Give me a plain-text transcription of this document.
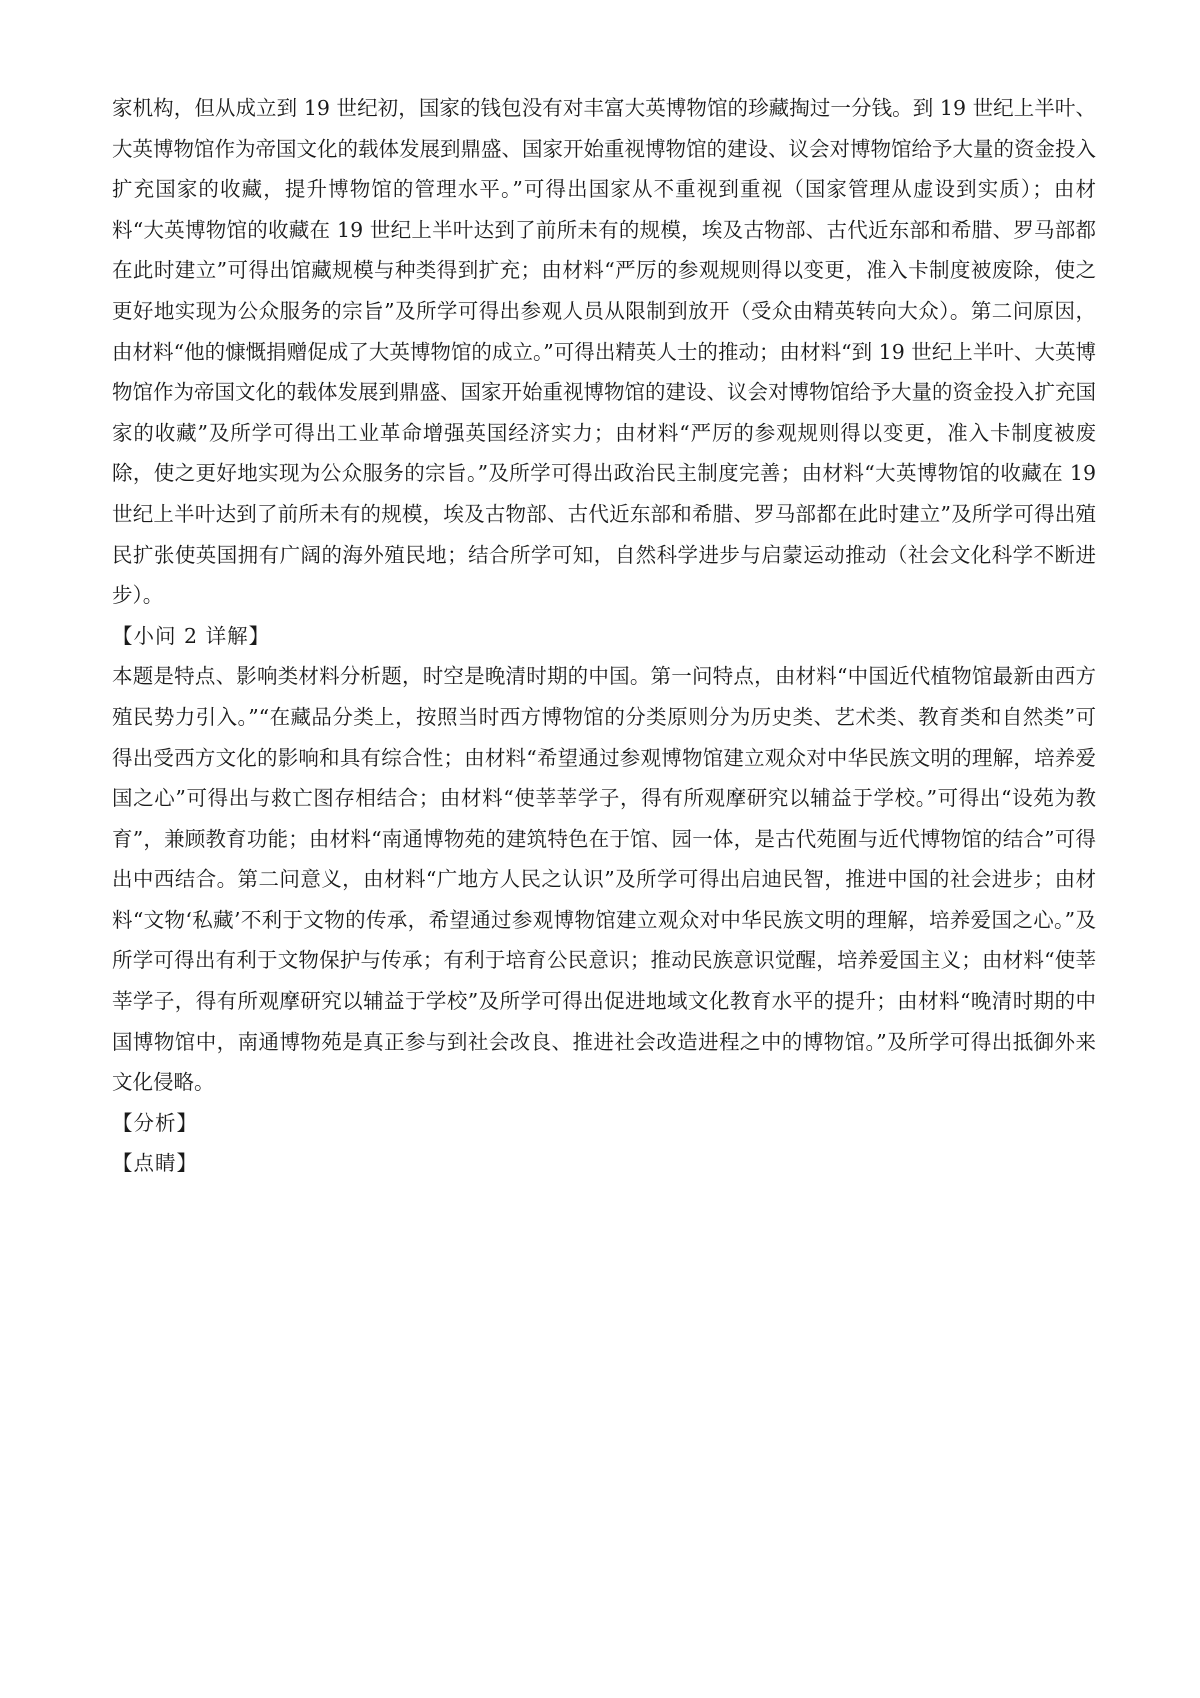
家机构，但从成立到 19 世纪初，国家的钱包没有对丰富大英博物馆的珍藏掏过一分钱。到 19 世纪上半叶、大英博物馆作为帝国文化的载体发展到鼎盛、国家开始重视博物馆的建设、议会对博物馆给予大量的资金投入扩充国家的收藏，提升博物馆的管理水平。”可得出国家从不重视到重视（国家管理从虚设到实质）；由材料“大英博物馆的收藏在 19 世纪上半叶达到了前所未有的规模，埃及古物部、古代近东部和希腊、罗马部都在此时建立”可得出馆藏规模与种类得到扩充；由材料“严厉的参观规则得以变更，准入卡制度被废除，使之更好地实现为公众服务的宗旨”及所学可得出参观人员从限制到放开（受众由精英转向大众）。第二问原因，由材料“他的慷慨捐赠促成了大英博物馆的成立。”可得出精英人士的推动；由材料“到 19 世纪上半叶、大英博物馆作为帝国文化的载体发展到鼎盛、国家开始重视博物馆的建设、议会对博物馆给予大量的资金投入扩充国家的收藏”及所学可得出工业革命增强英国经济实力；由材料“严厉的参观规则得以变更，准入卡制度被废除，使之更好地实现为公众服务的宗旨。”及所学可得出政治民主制度完善；由材料“大英博物馆的收藏在 19 世纪上半叶达到了前所未有的规模，埃及古物部、古代近东部和希腊、罗马部都在此时建立”及所学可得出殖民扩张使英国拥有广阔的海外殖民地；结合所学可知，自然科学进步与启蒙运动推动（社会文化科学不断进步）。

【小问 2 详解】

本题是特点、影响类材料分析题，时空是晚清时期的中国。第一问特点，由材料“中国近代植物馆最新由西方殖民势力引入。”“在藏品分类上，按照当时西方博物馆的分类原则分为历史类、艺术类、教育类和自然类”可得出受西方文化的影响和具有综合性；由材料“希望通过参观博物馆建立观众对中华民族文明的理解，培养爱国之心”可得出与救亡图存相结合；由材料“使莘莘学子，得有所观摩研究以辅益于学校。”可得出“设苑为教育”，兼顾教育功能；由材料“南通博物苑的建筑特色在于馆、园一体，是古代苑囿与近代博物馆的结合”可得出中西结合。第二问意义，由材料“广地方人民之认识”及所学可得出启迪民智，推进中国的社会进步；由材料“文物‘私藏’不利于文物的传承，希望通过参观博物馆建立观众对中华民族文明的理解，培养爱国之心。”及所学可得出有利于文物保护与传承；有利于培育公民意识；推动民族意识觉醒，培养爱国主义；由材料“使莘莘学子，得有所观摩研究以辅益于学校”及所学可得出促进地域文化教育水平的提升；由材料“晚清时期的中国博物馆中，南通博物苑是真正参与到社会改良、推进社会改造进程之中的博物馆。”及所学可得出抵御外来文化侵略。

【分析】

【点睛】
